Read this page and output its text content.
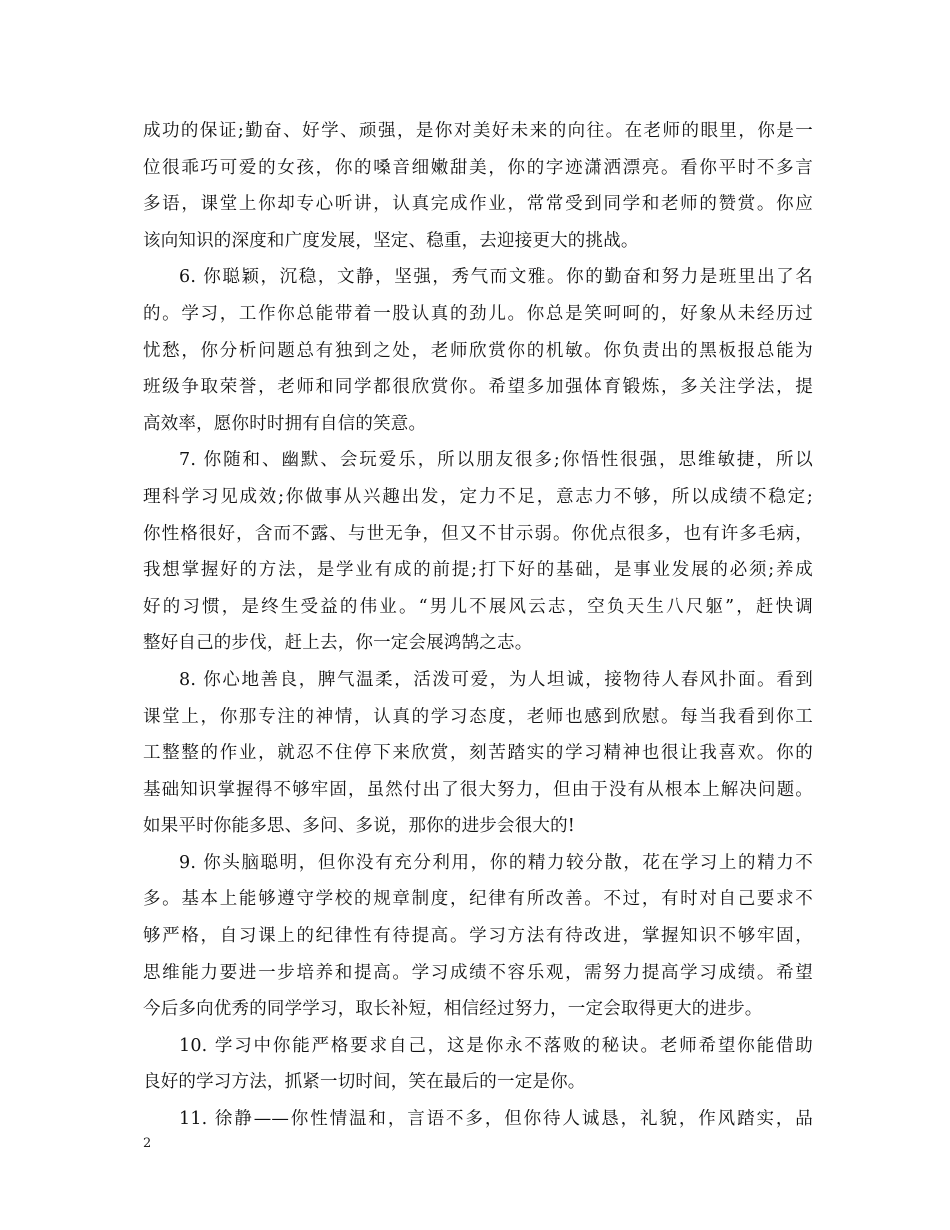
成功的保证;勤奋、好学、顽强，是你对美好未来的向往。在老师的眼里，你是一
位很乖巧可爱的女孩，你的嗓音细嫩甜美，你的字迹潇洒漂亮。看你平时不多言
多语，课堂上你却专心听讲，认真完成作业，常常受到同学和老师的赞赏。你应
该向知识的深度和广度发展，坚定、稳重，去迎接更大的挑战。
6. 你聪颖，沉稳，文静，坚强，秀气而文雅。你的勤奋和努力是班里出了名
的。学习，工作你总能带着一股认真的劲儿。你总是笑呵呵的，好象从未经历过
忧愁，你分析问题总有独到之处，老师欣赏你的机敏。你负责出的黑板报总能为
班级争取荣誉，老师和同学都很欣赏你。希望多加强体育锻炼，多关注学法，提
高效率，愿你时时拥有自信的笑意。
7. 你随和、幽默、会玩爱乐，所以朋友很多;你悟性很强，思维敏捷，所以
理科学习见成效;你做事从兴趣出发，定力不足，意志力不够，所以成绩不稳定;
你性格很好，含而不露、与世无争，但又不甘示弱。你优点很多，也有许多毛病，
我想掌握好的方法，是学业有成的前提;打下好的基础，是事业发展的必须;养成
好的习惯，是终生受益的伟业。“男儿不展风云志，空负天生八尺躯”，赶快调
整好自己的步伐，赶上去，你一定会展鸿鹄之志。
8. 你心地善良，脾气温柔，活泼可爱，为人坦诚，接物待人春风扑面。看到
课堂上，你那专注的神情，认真的学习态度，老师也感到欣慰。每当我看到你工
工整整的作业，就忍不住停下来欣赏，刻苦踏实的学习精神也很让我喜欢。你的
基础知识掌握得不够牢固，虽然付出了很大努力，但由于没有从根本上解决问题。
如果平时你能多思、多问、多说，那你的进步会很大的!
9. 你头脑聪明，但你没有充分利用，你的精力较分散，花在学习上的精力不
多。基本上能够遵守学校的规章制度，纪律有所改善。不过，有时对自己要求不
够严格，自习课上的纪律性有待提高。学习方法有待改进，掌握知识不够牢固，
思维能力要进一步培养和提高。学习成绩不容乐观，需努力提高学习成绩。希望
今后多向优秀的同学学习，取长补短，相信经过努力，一定会取得更大的进步。
10. 学习中你能严格要求自己，这是你永不落败的秘诀。老师希望你能借助
良好的学习方法，抓紧一切时间，笑在最后的一定是你。
11. 徐静——你性情温和，言语不多，但你待人诚恳，礼貌，作风踏实，品
2
